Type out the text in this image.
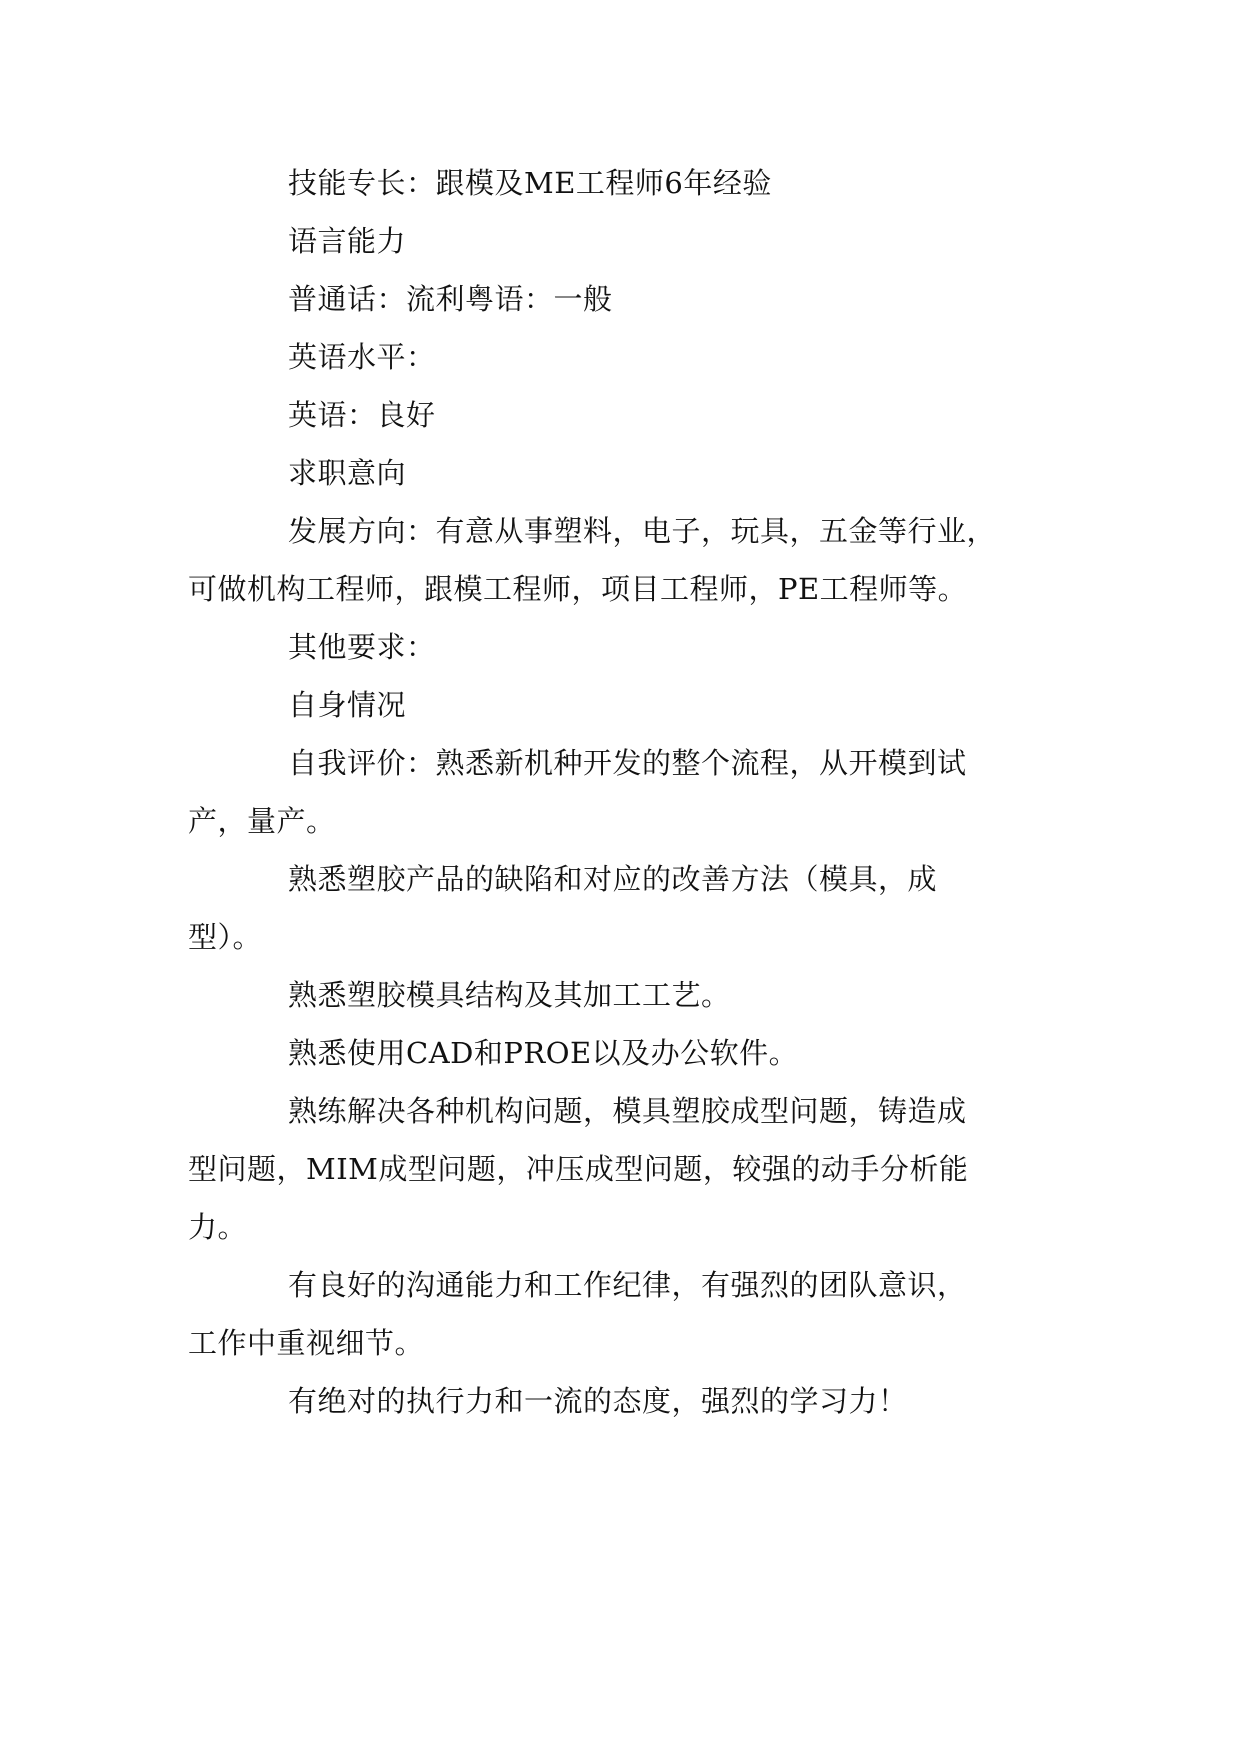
技能专长：跟模及ME工程师6年经验
语言能力
普通话：流利粤语：一般
英语水平：
英语：良好
求职意向
发展方向：有意从事塑料，电子，玩具，五金等行业，
可做机构工程师，跟模工程师，项目工程师，PE工程师等。
其他要求：
自身情况
自我评价：熟悉新机种开发的整个流程，从开模到试
产，量产。
熟悉塑胶产品的缺陷和对应的改善方法（模具，成
型）。
熟悉塑胶模具结构及其加工工艺。
熟悉使用CAD和PROE以及办公软件。
熟练解决各种机构问题，模具塑胶成型问题，铸造成
型问题，MIM成型问题，冲压成型问题，较强的动手分析能
力。
有良好的沟通能力和工作纪律，有强烈的团队意识，
工作中重视细节。
有绝对的执行力和一流的态度，强烈的学习力！
